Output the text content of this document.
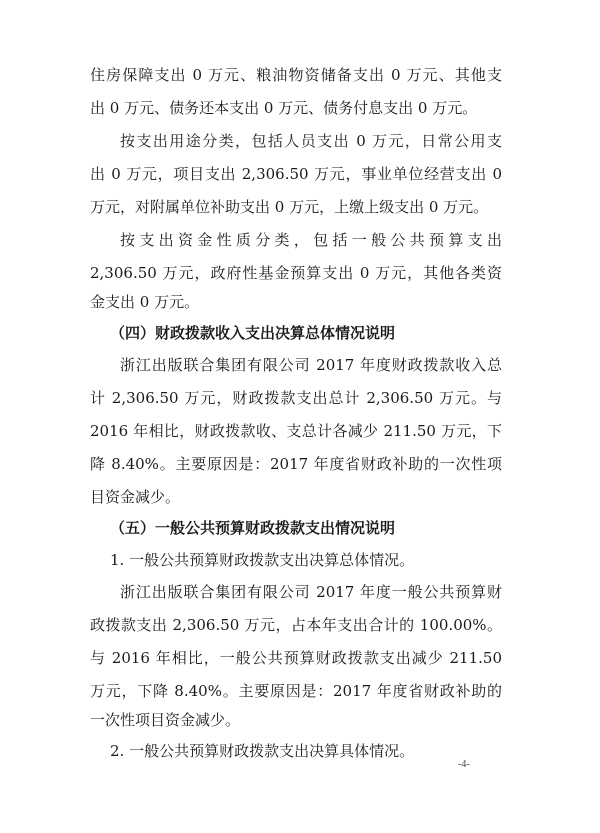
住房保障支出 0 万元、粮油物资储备支出 0 万元、其他支
出 0 万元、债务还本支出 0 万元、债务付息支出 0 万元。
按支出用途分类，包括人员支出 0 万元，日常公用支
出 0 万元，项目支出 2,306.50 万元，事业单位经营支出 0
万元，对附属单位补助支出 0 万元，上缴上级支出 0 万元。
按支出资金性质分类，包括一般公共预算支出
2,306.50 万元，政府性基金预算支出 0 万元，其他各类资
金支出 0 万元。
（四）财政拨款收入支出决算总体情况说明
浙江出版联合集团有限公司 2017 年度财政拨款收入总
计 2,306.50 万元，财政拨款支出总计 2,306.50 万元。与
2016 年相比，财政拨款收、支总计各减少 211.50 万元，下
降 8.40%。主要原因是：2017 年度省财政补助的一次性项
目资金减少。
（五）一般公共预算财政拨款支出情况说明
1. 一般公共预算财政拨款支出决算总体情况。
浙江出版联合集团有限公司 2017 年度一般公共预算财
政拨款支出 2,306.50 万元，占本年支出合计的 100.00%。
与 2016 年相比，一般公共预算财政拨款支出减少 211.50
万元，下降 8.40%。主要原因是：2017 年度省财政补助的
一次性项目资金减少。
2. 一般公共预算财政拨款支出决算具体情况。
-4-
